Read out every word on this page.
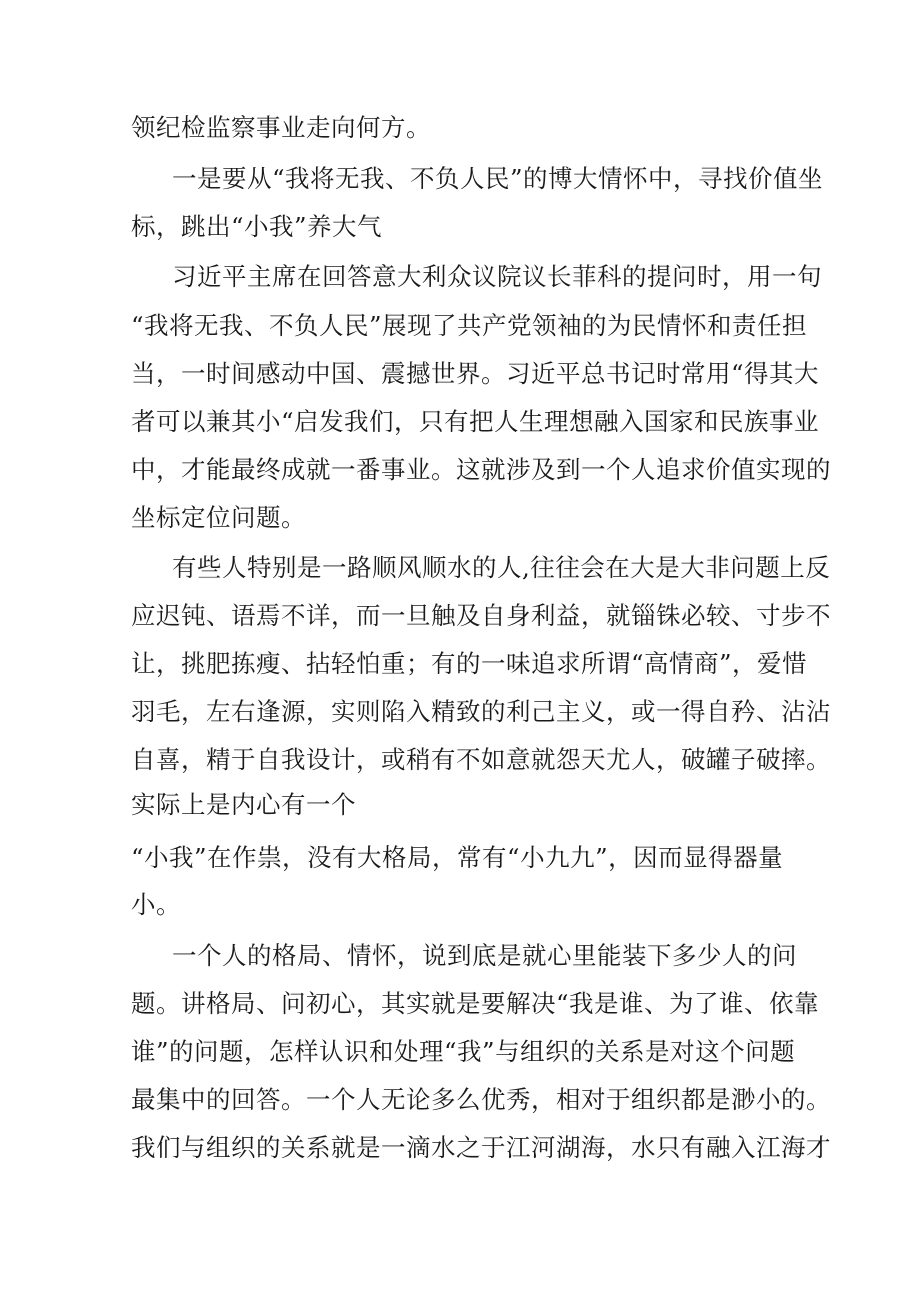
领纪检监察事业走向何方。

一是要从“我将无我、不负人民”的博大情怀中，寻找价值坐

标，跳出“小我”养大气

习近平主席在回答意大利众议院议长菲科的提问时，用一句

“我将无我、不负人民”展现了共产党领袖的为民情怀和责任担

当，一时间感动中国、震撼世界。习近平总书记时常用“得其大

者可以兼其小“启发我们，只有把人生理想融入国家和民族事业

中，才能最终成就一番事业。这就涉及到一个人追求价值实现的

坐标定位问题。

有些人特别是一路顺风顺水的人,往往会在大是大非问题上反

应迟钝、语焉不详，而一旦触及自身利益，就锱铢必较、寸步不

让，挑肥拣瘦、拈轻怕重；有的一味追求所谓“高情商”，爱惜

羽毛，左右逢源，实则陷入精致的利己主义，或一得自矜、沾沾

自喜，精于自我设计，或稍有不如意就怨天尤人，破罐子破摔。

实际上是内心有一个

“小我”在作祟，没有大格局，常有“小九九”，因而显得器量

小。

一个人的格局、情怀，说到底是就心里能装下多少人的问

题。讲格局、问初心，其实就是要解决“我是谁、为了谁、依靠

谁”的问题，怎样认识和处理“我”与组织的关系是对这个问题

最集中的回答。一个人无论多么优秀，相对于组织都是渺小的。

我们与组织的关系就是一滴水之于江河湖海，水只有融入江海才
